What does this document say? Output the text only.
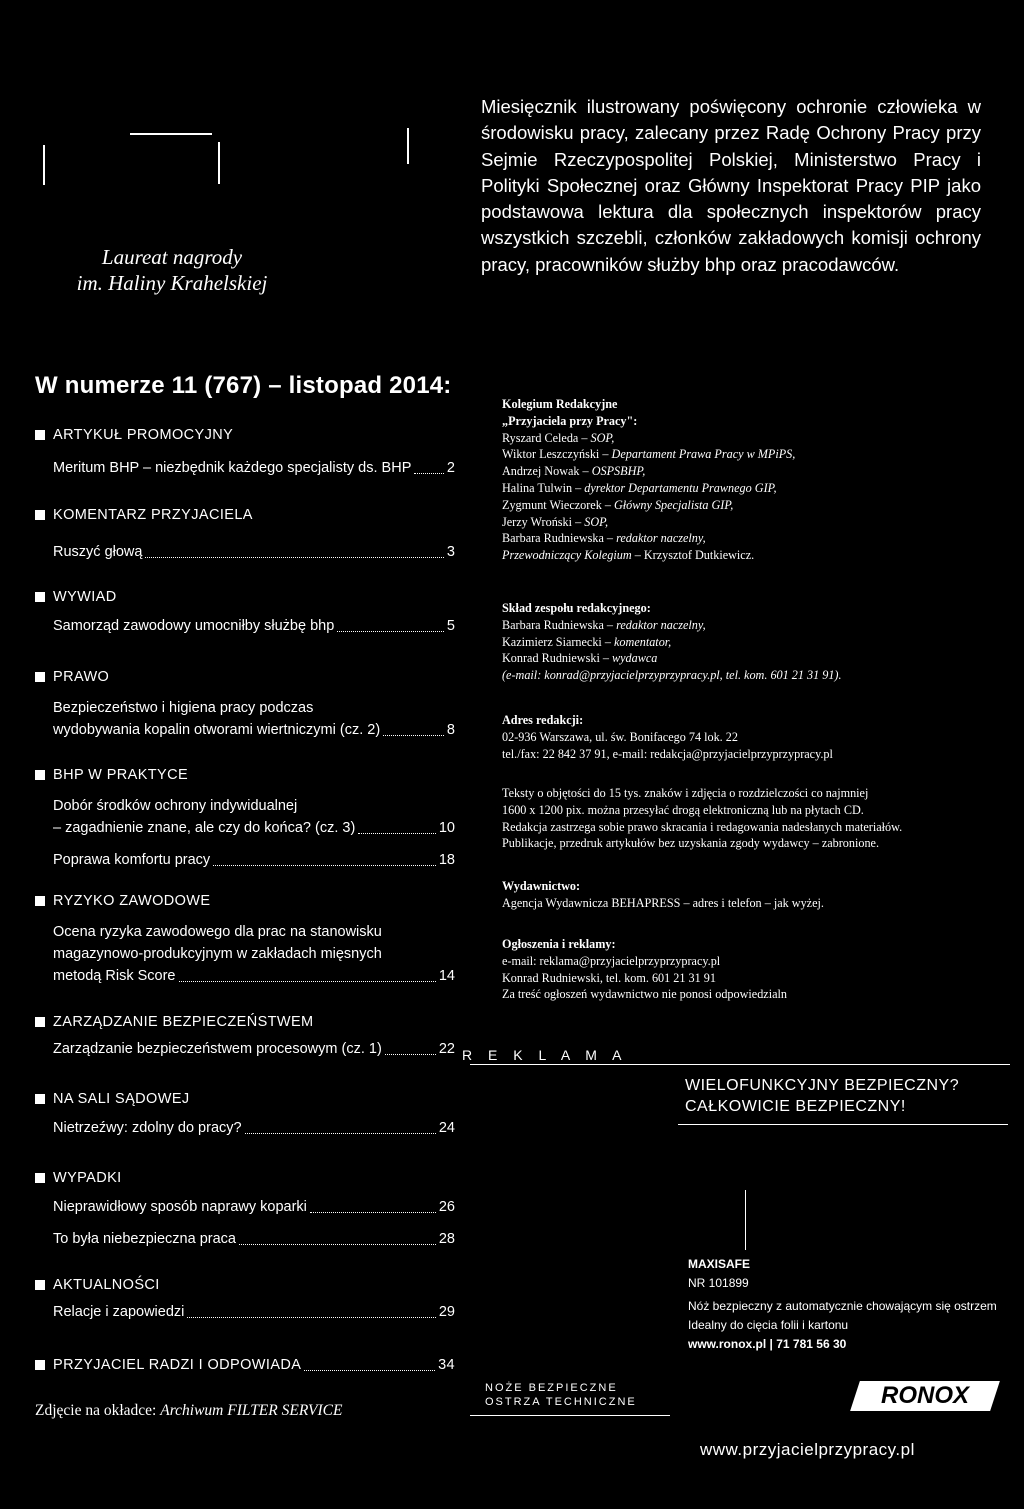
Laureat nagrody
im. Haliny Krahelskiej
Miesięcznik ilustrowany poświęcony ochronie człowieka w środowisku pracy, zalecany przez Radę Ochrony Pracy przy Sejmie Rzeczypospolitej Polskiej, Ministerstwo Pracy i Polityki Społecznej oraz Główny Inspektorat Pracy PIP jako podstawowa lektura dla społecznych inspektorów pracy wszystkich szczebli, członków zakładowych komisji ochrony pracy, pracowników służby bhp oraz pracodawców.
W numerze 11 (767) – listopad 2014:
ARTYKUŁ PROMOCYJNY
Meritum BHP – niezbędnik każdego specjalisty ds. BHP 2
KOMENTARZ PRZYJACIELA
Ruszyć głową	3
WYWIAD
Samorząd zawodowy umocniłby służbę bhp	5
PRAWO
Bezpieczeństwo i higiena pracy podczas
wydobywania kopalin otworami wiertniczymi (cz. 2)	8
BHP W PRAKTYCE
Dobór środków ochrony indywidualnej
– zagadnienie znane, ale czy do końca? (cz. 3)	10
Poprawa komfortu pracy	18
RYZYKO ZAWODOWE
Ocena ryzyka zawodowego dla prac na stanowisku
magazynowo-produkcyjnym w zakładach mięsnych
metodą Risk Score	14
ZARZĄDZANIE BEZPIECZEŃSTWEM
Zarządzanie bezpieczeństwem procesowym (cz. 1)	22
NA SALI SĄDOWEJ
Nietrzeźwy: zdolny do pracy?	24
WYPADKI
Nieprawidłowy sposób naprawy koparki	26
To była niebezpieczna praca	28
AKTUALNOŚCI
Relacje i zapowiedzi	29
PRZYJACIEL RADZI I ODPOWIADA	34
Zdjęcie na okładce: Archiwum FILTER SERVICE
Kolegium Redakcyjne
„Przyjaciela przy Pracy":
Ryszard Celeda – SOP,
Wiktor Leszczyński – Departament Prawa Pracy w MPiPS,
Andrzej Nowak – OSPSBHP,
Halina Tulwin – dyrektor Departamentu Prawnego GIP,
Zygmunt Wieczorek – Główny Specjalista GIP,
Jerzy Wroński – SOP,
Barbara Rudniewska – redaktor naczelny,
Przewodniczący Kolegium – Krzysztof Dutkiewicz.
Skład zespołu redakcyjnego:
Barbara Rudniewska – redaktor naczelny,
Kazimierz Siarnecki – komentator,
Konrad Rudniewski – wydawca
(e-mail: konrad@przyjacielprzyprzypracy.pl, tel. kom. 601 21 31 91).
Adres redakcji:
02-936 Warszawa, ul. św. Bonifacego 74 lok. 22
tel./fax: 22 842 37 91, e-mail: redakcja@przyjacielprzyprzypracy.pl
Teksty o objętości do 15 tys. znaków i zdjęcia o rozdzielczości co najmniej
1600 x 1200 pix. można przesyłać drogą elektroniczną lub na płytach CD.
Redakcja zastrzega sobie prawo skracania i redagowania nadesłanych materiałów.
Publikacje, przedruk artykułów bez uzyskania zgody wydawcy – zabronione.
Wydawnictwo:
Agencja Wydawnicza BEHAPRESS – adres i telefon – jak wyżej.
Ogłoszenia i reklamy:
e-mail: reklama@przyjacielprzyprzypracy.pl
Konrad Rudniewski, tel. kom. 601 21 31 91
Za treść ogłoszeń wydawnictwo nie ponosi odpowiedzialn
R E K L A M A
WIELOFUNKCYJNY BEZPIECZNY?
CAŁKOWICIE BEZPIECZNY!
MAXISAFE
NR 101899
Nóż bezpieczny z automatycznie chowającym się ostrzem
Idealny do cięcia folii i kartonu
www.ronox.pl | 71 781 56 30
NOŻE BEZPIECZNE
OSTRZA TECHNICZNE	RONOX
www.przyjacielprzypracy.pl
